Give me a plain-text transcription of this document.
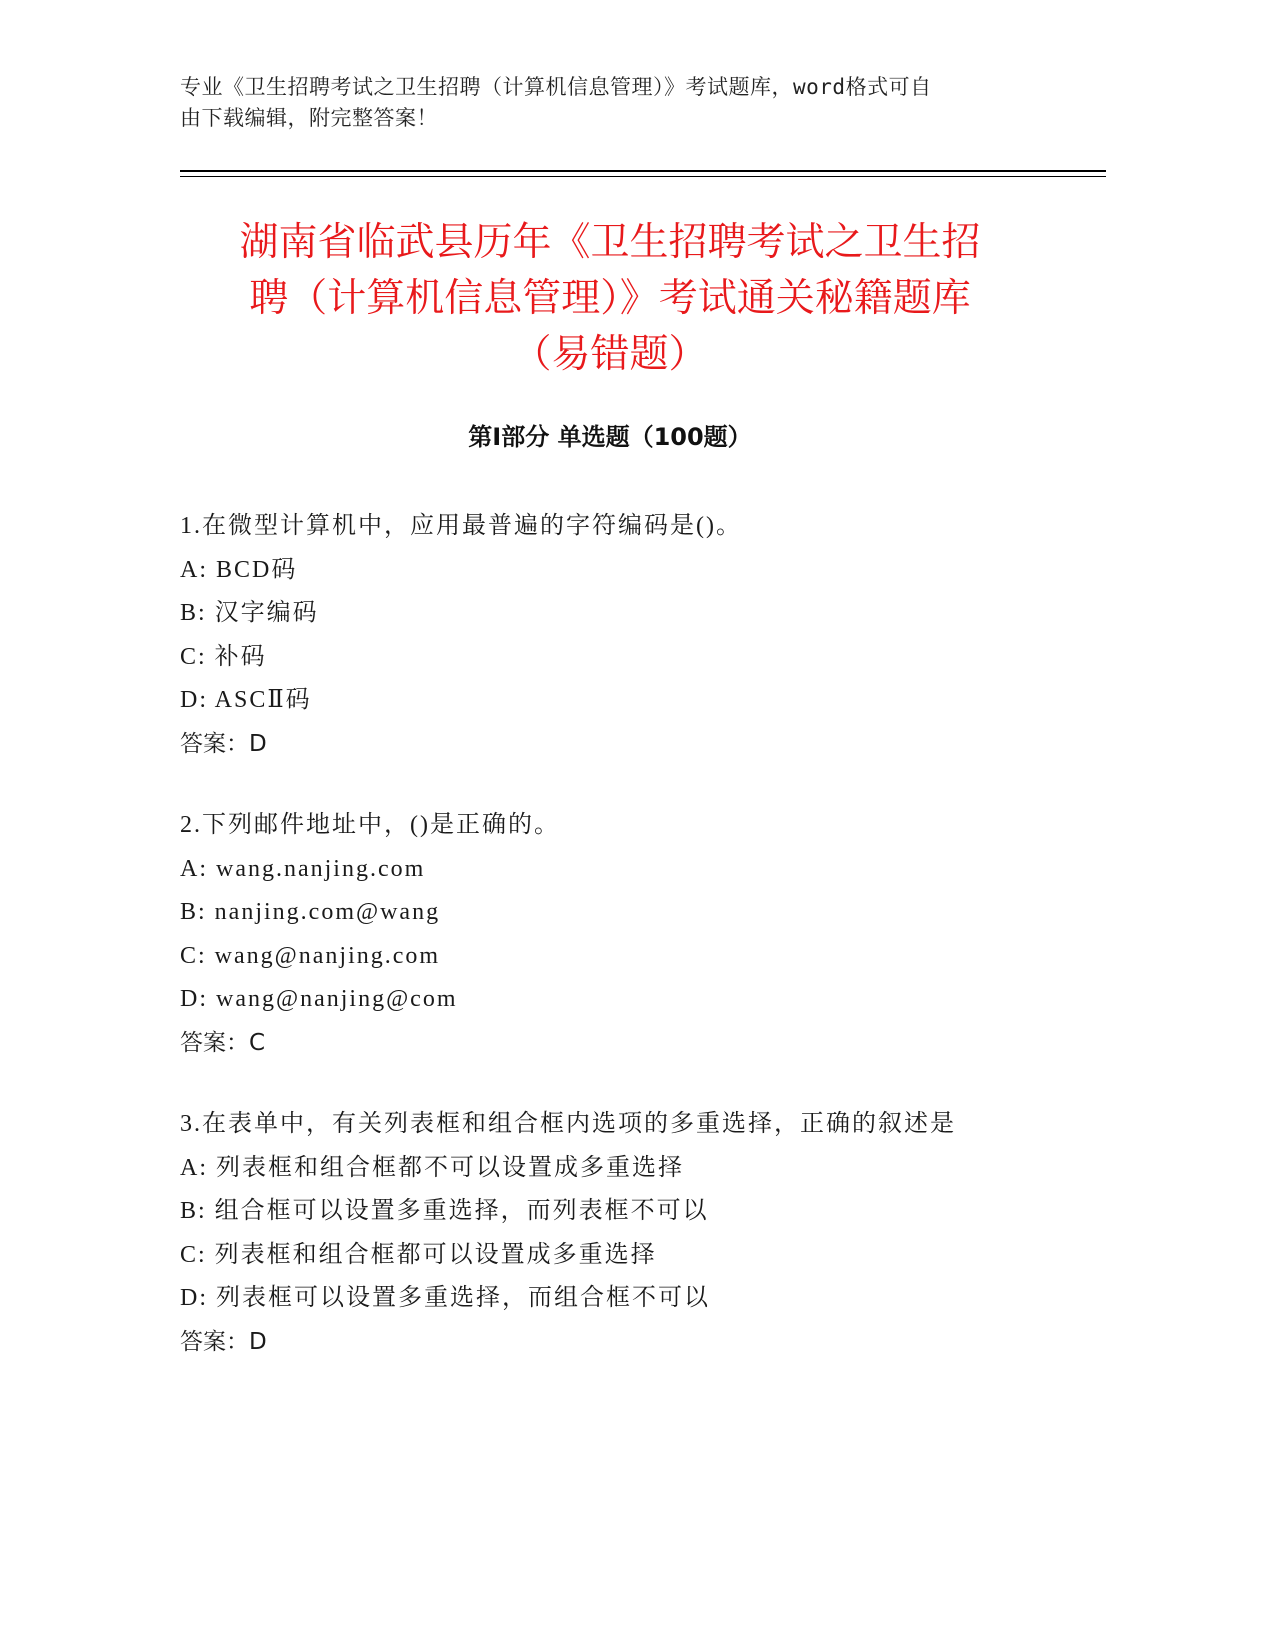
专业《卫生招聘考试之卫生招聘（计算机信息管理）》考试题库，word格式可自
由下载编辑，附完整答案！
湖南省临武县历年《卫生招聘考试之卫生招
聘（计算机信息管理）》考试通关秘籍题库
（易错题）
第Ⅰ部分 单选题（100题）
1.在微型计算机中，应用最普遍的字符编码是()。
A: BCD码
B: 汉字编码
C: 补码
D: ASCⅡ码
答案：D
2.下列邮件地址中，()是正确的。
A: wang.nanjing.com
B: nanjing.com@wang
C: wang@nanjing.com
D: wang@nanjing@com
答案：C
3.在表单中，有关列表框和组合框内选项的多重选择，正确的叙述是
A: 列表框和组合框都不可以设置成多重选择
B: 组合框可以设置多重选择，而列表框不可以
C: 列表框和组合框都可以设置成多重选择
D: 列表框可以设置多重选择，而组合框不可以
答案：D
